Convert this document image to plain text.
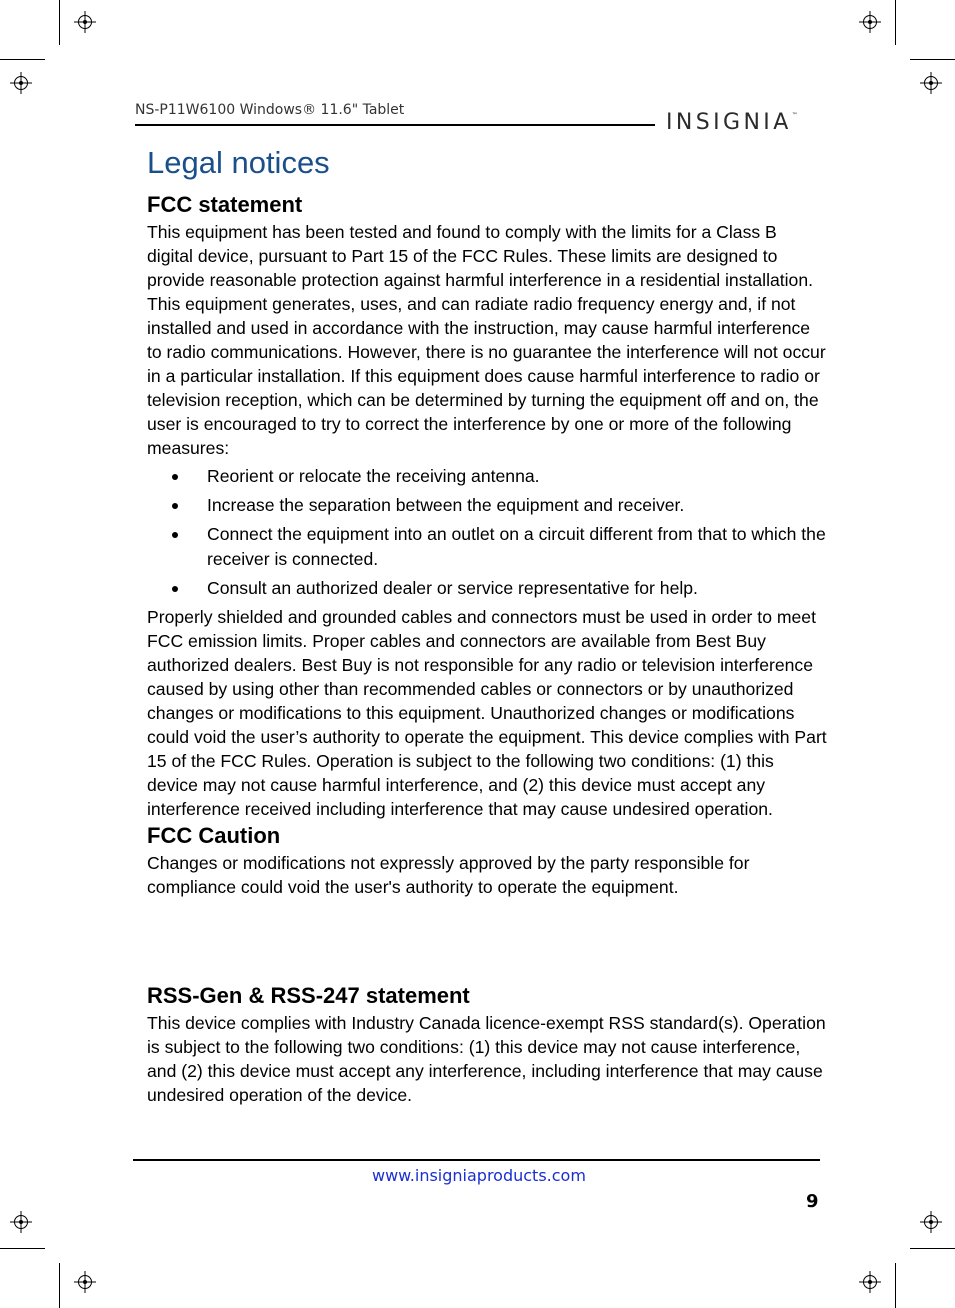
NS-P11W6100 Windows® 11.6" Tablet	INSIGNIA™
Legal notices
FCC statement

This equipment has been tested and found to comply with the limits for a Class B digital device, pursuant to Part 15 of the FCC Rules. These limits are designed to provide reasonable protection against harmful interference in a residential installation. This equipment generates, uses, and can radiate radio frequency energy and, if not installed and used in accordance with the instruction, may cause harmful interference to radio communications. However, there is no guarantee the interference will not occur in a particular installation. If this equipment does cause harmful interference to radio or television reception, which can be determined by turning the equipment off and on, the user is encouraged to try to correct the interference by one or more of the following measures:

Reorient or relocate the receiving antenna.
Increase the separation between the equipment and receiver.
Connect the equipment into an outlet on a circuit different from that to which the receiver is connected.
Consult an authorized dealer or service representative for help.

Properly shielded and grounded cables and connectors must be used in order to meet FCC emission limits. Proper cables and connectors are available from Best Buy authorized dealers. Best Buy is not responsible for any radio or television interference caused by using other than recommended cables or connectors or by unauthorized changes or modifications to this equipment. Unauthorized changes or modifications could void the user’s authority to operate the equipment. This device complies with Part 15 of the FCC Rules. Operation is subject to the following two conditions: (1) this device may not cause harmful interference, and (2) this device must accept any interference received including interference that may cause undesired operation.

FCC Caution

Changes or modifications not expressly approved by the party responsible for compliance could void the user's authority to operate the equipment.

RSS-Gen & RSS-247 statement

This device complies with Industry Canada licence-exempt RSS standard(s). Operation is subject to the following two conditions: (1) this device may not cause interference, and (2) this device must accept any interference, including interference that may cause undesired operation of the device.

www.insigniaproducts.com
9
